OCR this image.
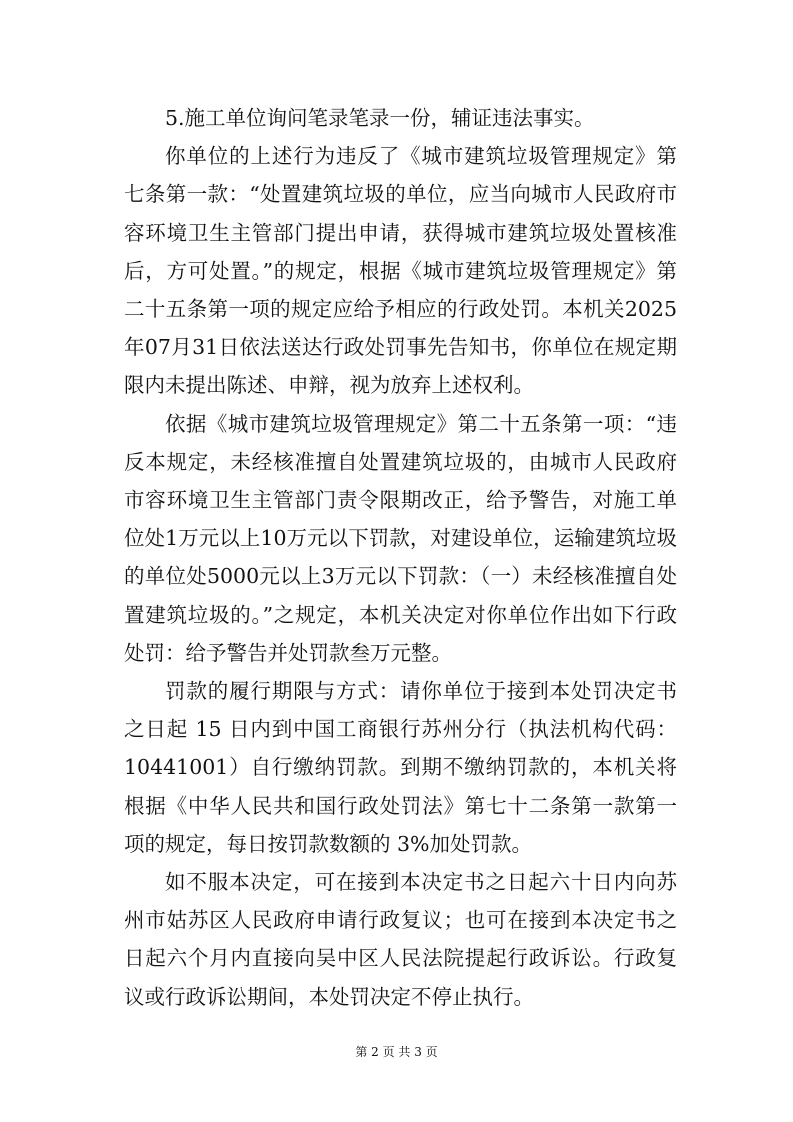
5.施工单位询问笔录笔录一份，辅证违法事实。

你单位的上述行为违反了《城市建筑垃圾管理规定》第七条第一款：“处置建筑垃圾的单位，应当向城市人民政府市容环境卫生主管部门提出申请，获得城市建筑垃圾处置核准后，方可处置。”的规定，根据《城市建筑垃圾管理规定》第二十五条第一项的规定应给予相应的行政处罚。本机关2025年07月31日依法送达行政处罚事先告知书，你单位在规定期限内未提出陈述、申辩，视为放弃上述权利。

依据《城市建筑垃圾管理规定》第二十五条第一项：“违反本规定，未经核准擅自处置建筑垃圾的，由城市人民政府市容环境卫生主管部门责令限期改正，给予警告，对施工单位处1万元以上10万元以下罚款，对建设单位，运输建筑垃圾的单位处5000元以上3万元以下罚款：（一）未经核准擅自处置建筑垃圾的。”之规定，本机关决定对你单位作出如下行政处罚：给予警告并处罚款叁万元整。

罚款的履行期限与方式：请你单位于接到本处罚决定书之日起 15 日内到中国工商银行苏州分行（执法机构代码：10441001）自行缴纳罚款。到期不缴纳罚款的，本机关将根据《中华人民共和国行政处罚法》第七十二条第一款第一项的规定，每日按罚款数额的 3%加处罚款。

如不服本决定，可在接到本决定书之日起六十日内向苏州市姑苏区人民政府申请行政复议；也可在接到本决定书之日起六个月内直接向吴中区人民法院提起行政诉讼。行政复议或行政诉讼期间，本处罚决定不停止执行。

第 2 页 共 3 页
